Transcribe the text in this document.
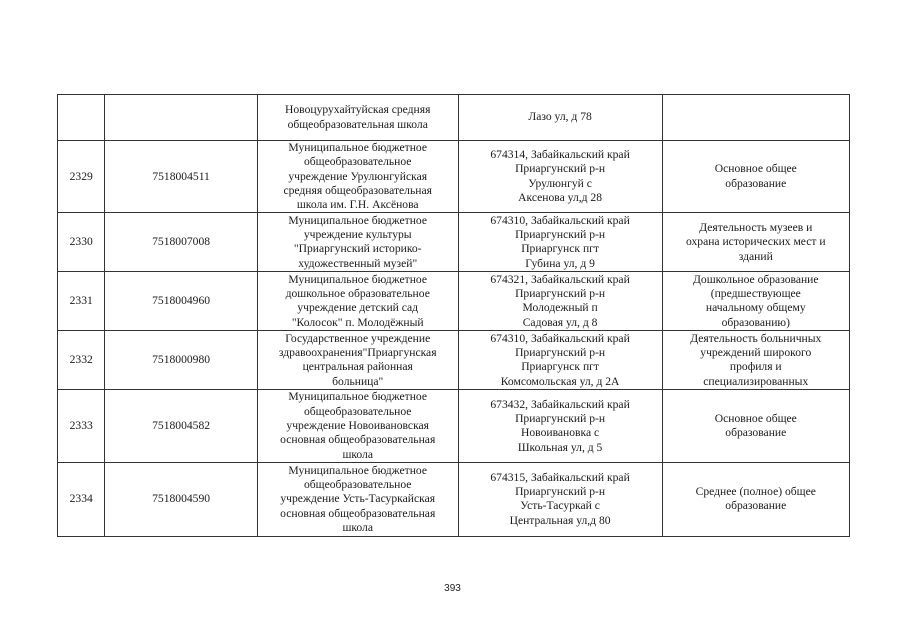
		Новоцурухайтуйская средняя
общеобразовательная школа	Лазо ул, д 78	

2329	7518004511	Муниципальное бюджетное
общеобразовательное
учреждение Урулюнгуйская
средняя общеобразовательная
школа им. Г.Н. Аксёнова	674314, Забайкальский край
Приаргунский р-н
Урулюнгуй с
Аксенова ул,д 28	Основное общее
образование

2330	7518007008	Муниципальное бюджетное
учреждение культуры
"Приаргунский историко-
художественный музей"	674310, Забайкальский край
Приаргунский р-н
Приаргунск пгт
Губина ул, д 9	Деятельность музеев и
охрана исторических мест и
зданий

2331	7518004960	Муниципальное бюджетное
дошкольное образовательное
учреждение детский сад
"Колосок" п. Молодёжный	674321, Забайкальский край
Приаргунский р-н
Молодежный п
Садовая ул, д 8	Дошкольное образование
(предшествующее
начальному общему
образованию)

2332	7518000980	Государственное учреждение
здравоохранения"Приаргунская
центральная районная
больница"	674310, Забайкальский край
Приаргунский р-н
Приаргунск пгт
Комсомольская ул, д 2А	Деятельность больничных
учреждений широкого
профиля и
специализированных

2333	7518004582	Муниципальное бюджетное
общеобразовательное
учреждение Новоивановская
основная общеобразовательная
школа	673432, Забайкальский край
Приаргунский р-н
Новоивановка с
Школьная ул, д 5	Основное общее
образование

2334	7518004590	Муниципальное бюджетное
общеобразовательное
учреждение Усть-Тасуркайская
основная общеобразовательная
школа	674315, Забайкальский край
Приаргунский р-н
Усть-Тасуркай с
Центральная ул,д 80	Среднее (полное) общее
образование
393
